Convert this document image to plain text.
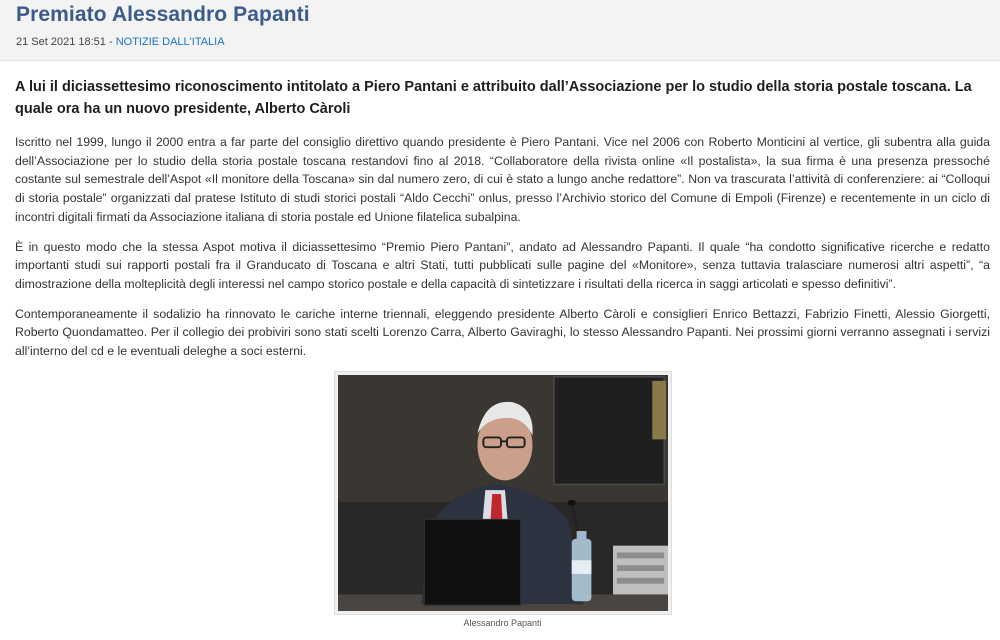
Premiato Alessandro Papanti
21 Set 2021 18:51 - NOTIZIE DALL'ITALIA
A lui il diciassettesimo riconoscimento intitolato a Piero Pantani e attribuito dall’Associazione per lo studio della storia postale toscana. La quale ora ha un nuovo presidente, Alberto Càroli

Iscritto nel 1999, lungo il 2000 entra a far parte del consiglio direttivo quando presidente è Piero Pantani. Vice nel 2006 con Roberto Monticini al vertice, gli subentra alla guida dell’Associazione per lo studio della storia postale toscana restandovi fino al 2018. “Collaboratore della rivista online «Il postalista», la sua firma è una presenza pressoché costante sul semestrale dell’Aspot «Il monitore della Toscana» sin dal numero zero, di cui è stato a lungo anche redattore”. Non va trascurata l’attività di conferenziere: ai “Colloqui di storia postale” organizzati dal pratese Istituto di studi storici postali “Aldo Cecchi” onlus, presso l’Archivio storico del Comune di Empoli (Firenze) e recentemente in un ciclo di incontri digitali firmati da Associazione italiana di storia postale ed Unione filatelica subalpina.

È in questo modo che la stessa Aspot motiva il diciassettesimo “Premio Piero Pantani”, andato ad Alessandro Papanti. Il quale “ha condotto significative ricerche e redatto importanti studi sui rapporti postali fra il Granducato di Toscana e altri Stati, tutti pubblicati sulle pagine del «Monitore», senza tuttavia tralasciare numerosi altri aspetti”, “a dimostrazione della molteplicità degli interessi nel campo storico postale e della capacità di sintetizzare i risultati della ricerca in saggi articolati e spesso definitivi”.

Contemporaneamente il sodalizio ha rinnovato le cariche interne triennali, eleggendo presidente Alberto Càroli e consiglieri Enrico Bettazzi, Fabrizio Finetti, Alessio Giorgetti, Roberto Quondamatteo. Per il collegio dei probiviri sono stati scelti Lorenzo Carra, Alberto Gaviraghi, lo stesso Alessandro Papanti. Nei prossimi giorni verranno assegnati i servizi all’interno del cd e le eventuali deleghe a soci esterni.

Alessandro Papanti
